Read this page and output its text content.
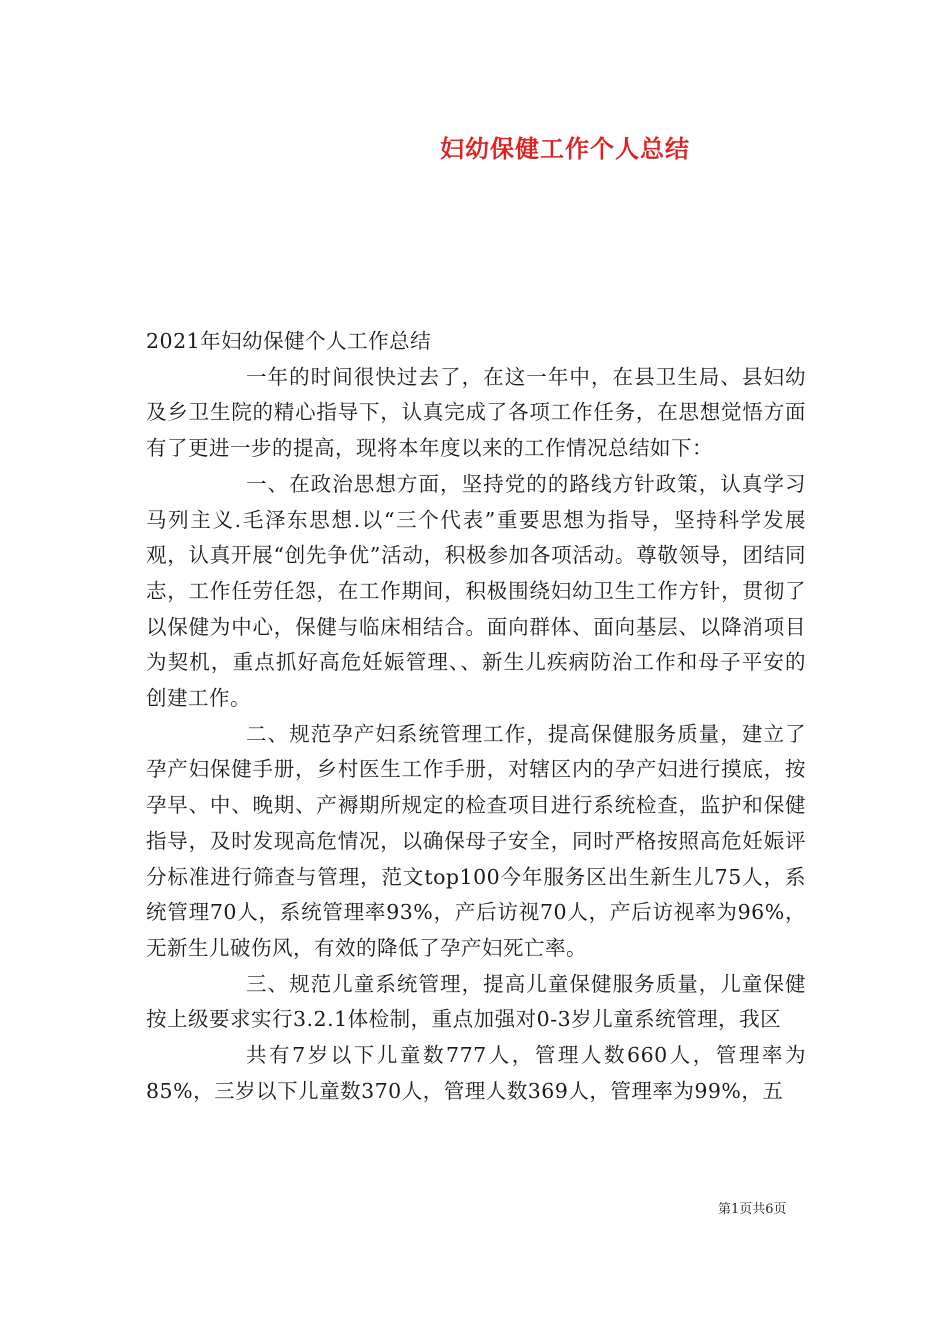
妇幼保健工作个人总结

2021年妇幼保健个人工作总结

一年的时间很快过去了，在这一年中，在县卫生局、县妇幼及乡卫生院的精心指导下，认真完成了各项工作任务，在思想觉悟方面有了更进一步的提高，现将本年度以来的工作情况总结如下：

一、在政治思想方面，坚持党的的路线方针政策，认真学习马列主义.毛泽东思想.以“三个代表”重要思想为指导，坚持科学发展观，认真开展“创先争优”活动，积极参加各项活动。尊敬领导，团结同志，工作任劳任怨，在工作期间，积极围绕妇幼卫生工作方针，贯彻了以保健为中心，保健与临床相结合。面向群体、面向基层、以降消项目为契机，重点抓好高危妊娠管理、、新生儿疾病防治工作和母子平安的创建工作。

二、规范孕产妇系统管理工作，提高保健服务质量，建立了孕产妇保健手册，乡村医生工作手册，对辖区内的孕产妇进行摸底，按孕早、中、晚期、产褥期所规定的检查项目进行系统检查，监护和保健指导，及时发现高危情况，以确保母子安全，同时严格按照高危妊娠评分标准进行筛查与管理，范文top100今年服务区出生新生儿75人，系统管理70人，系统管理率93%，产后访视70人，产后访视率为96%，无新生儿破伤风，有效的降低了孕产妇死亡率。

三、规范儿童系统管理，提高儿童保健服务质量，儿童保健按上级要求实行3.2.1体检制，重点加强对0-3岁儿童系统管理，我区

共有7岁以下儿童数777人，管理人数660人，管理率为85%，三岁以下儿童数370人，管理人数369人，管理率为99%，五

第1页共6页
